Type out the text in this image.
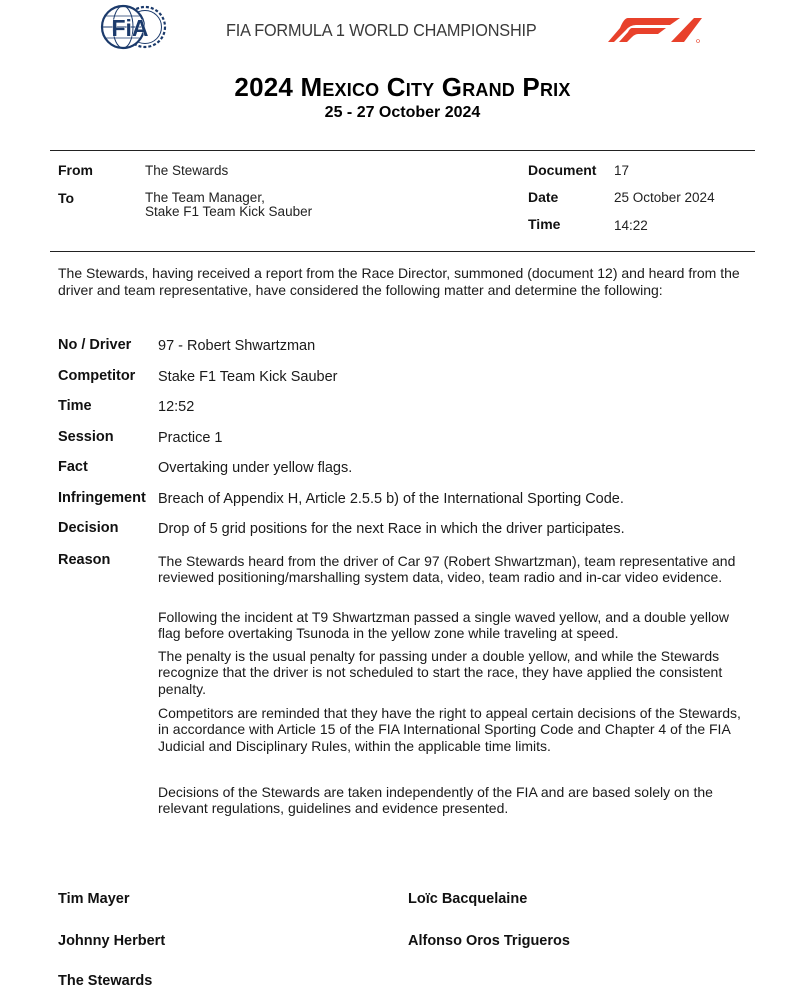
FiA	FIA FORMULA 1 WORLD CHAMPIONSHIP
2024 Mexico City Grand Prix
25 - 27 October 2024
From	The Stewards
To	The Team Manager,
Stake F1 Team Kick Sauber
Document 17
Date	25 October 2024
Time	14:22
The Stewards, having received a report from the Race Director, summoned (document 12) and heard from the driver and team representative, have considered the following matter and determine the following:
No / Driver 97 - Robert Shwartzman
Competitor Stake F1 Team Kick Sauber
Time	12:52
Session	Practice 1
Fact	Overtaking under yellow flags.
Infringement Breach of Appendix H, Article 2.5.5 b) of the International Sporting Code.
Decision	Drop of 5 grid positions for the next Race in which the driver participates.
Reason	The Stewards heard from the driver of Car 97 (Robert Shwartzman), team representative and reviewed positioning/marshalling system data, video, team radio and in-car video evidence.
Following the incident at T9 Shwartzman passed a single waved yellow, and a double yellow flag before overtaking Tsunoda in the yellow zone while traveling at speed.
The penalty is the usual penalty for passing under a double yellow, and while the Stewards recognize that the driver is not scheduled to start the race, they have applied the consistent penalty.
Competitors are reminded that they have the right to appeal certain decisions of the Stewards, in accordance with Article 15 of the FIA International Sporting Code and Chapter 4 of the FIA Judicial and Disciplinary Rules, within the applicable time limits.
Decisions of the Stewards are taken independently of the FIA and are based solely on the relevant regulations, guidelines and evidence presented.
Tim Mayer	Loïc Bacquelaine
Johnny Herbert	Alfonso Oros Trigueros
The Stewards
